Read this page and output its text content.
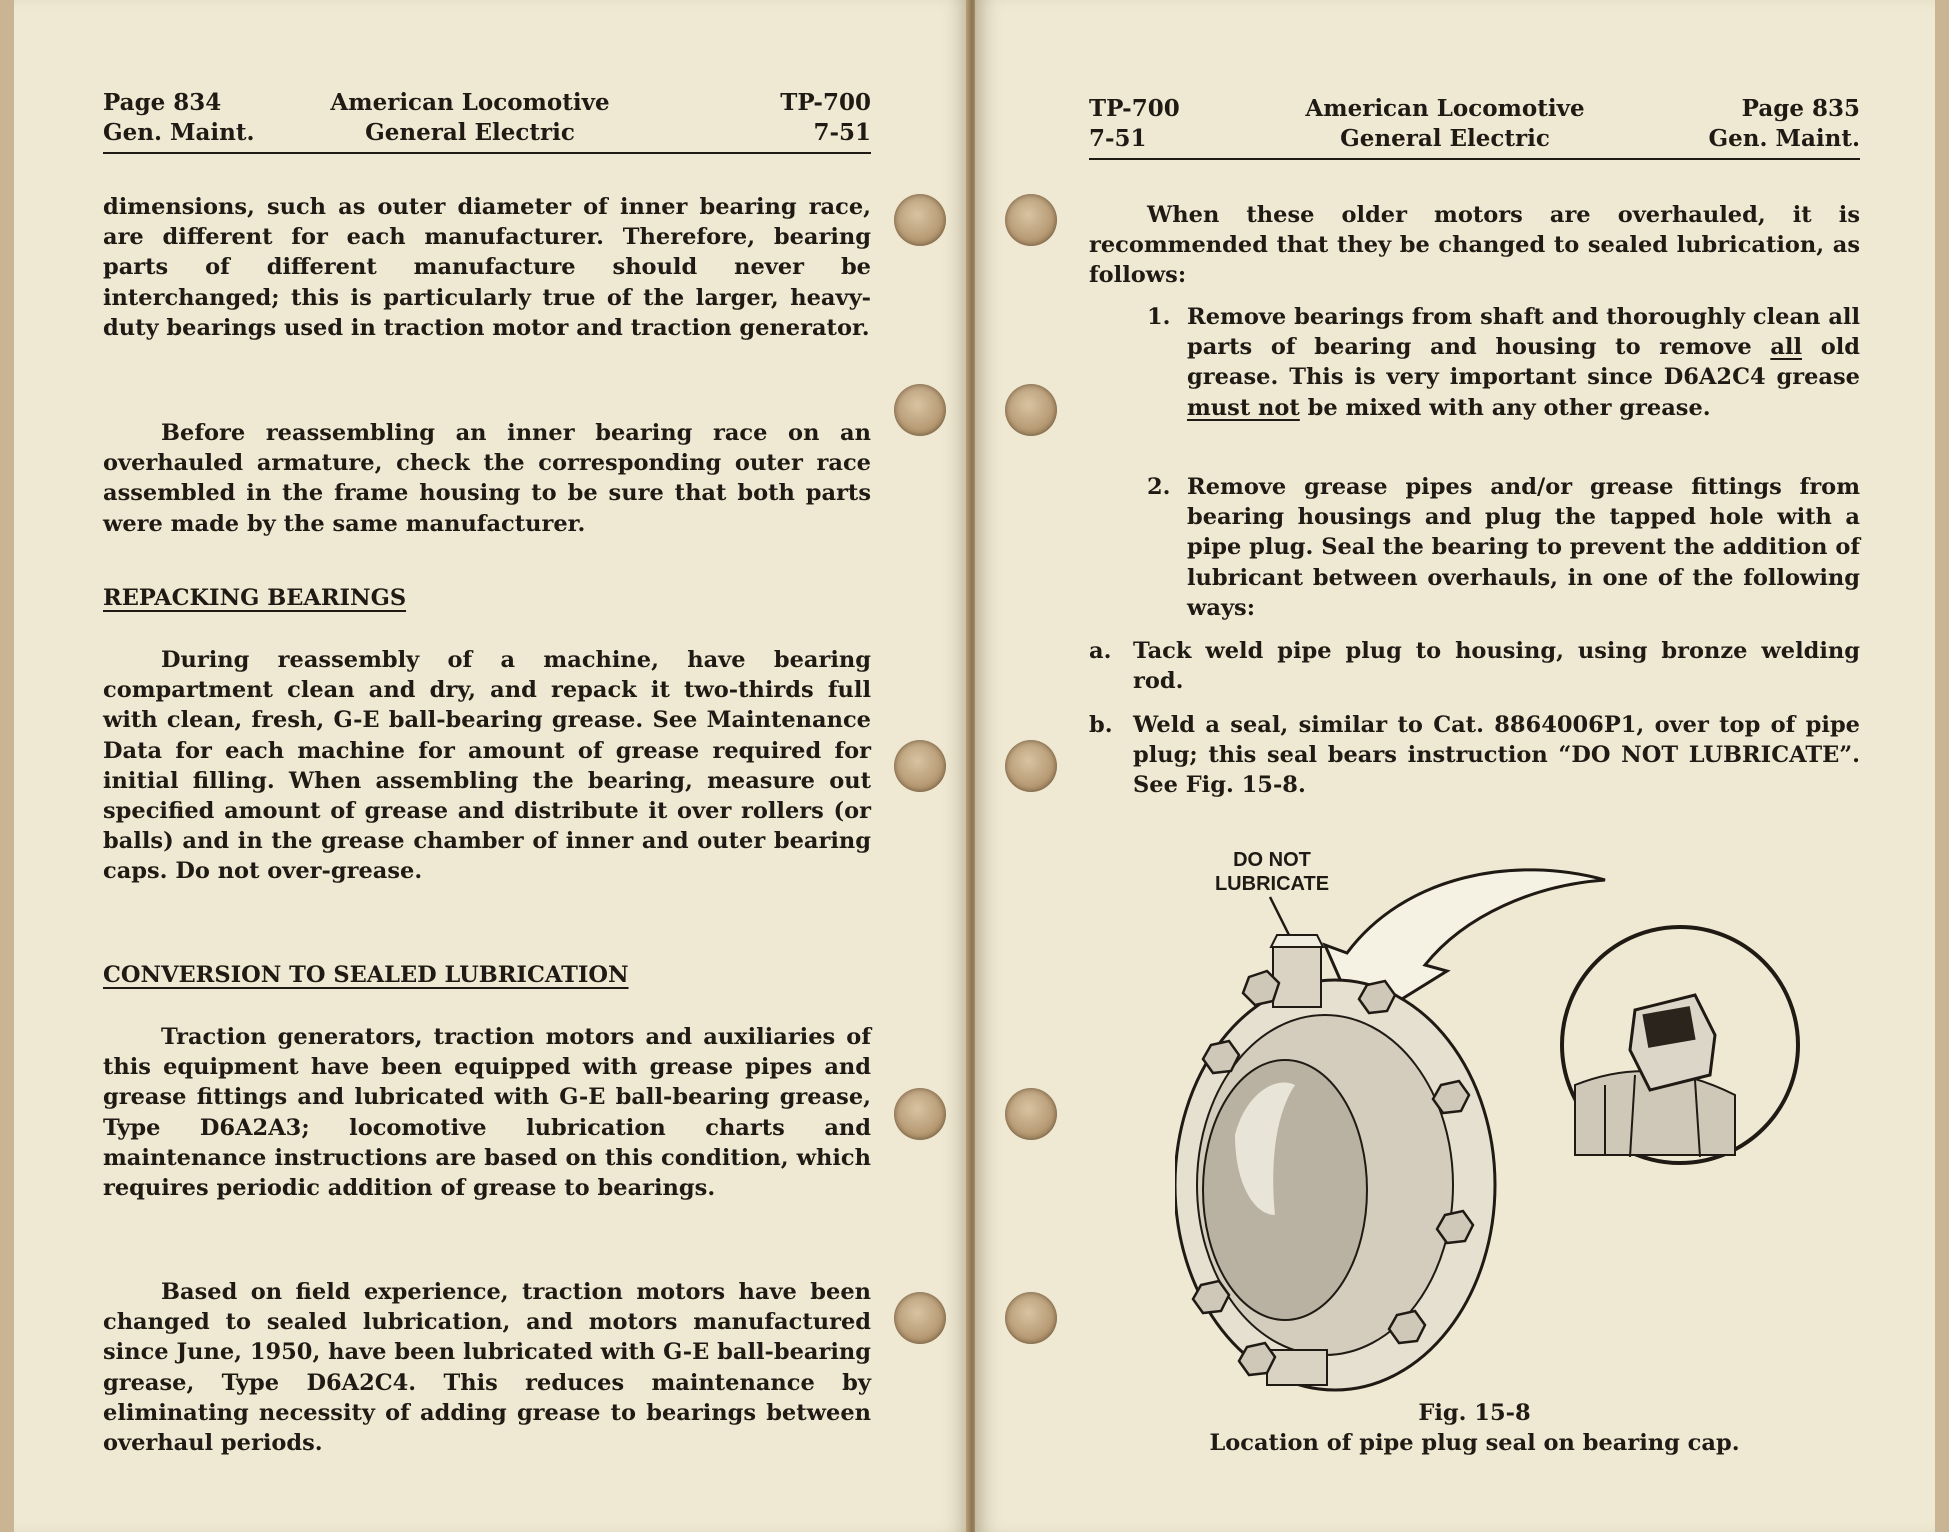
Page 834
Gen. Maint.
American Locomotive
General Electric
TP-700
7-51

dimensions, such as outer diameter of inner bearing race, are different for each manufacturer. Therefore, bearing parts of different manufacture should never be interchanged; this is particularly true of the larger, heavy-duty bearings used in traction motor and traction generator.

Before reassembling an inner bearing race on an overhauled armature, check the corresponding outer race assembled in the frame housing to be sure that both parts were made by the same manufacturer.

REPACKING BEARINGS

During reassembly of a machine, have bearing compartment clean and dry, and repack it two-thirds full with clean, fresh, G-E ball-bearing grease. See Maintenance Data for each machine for amount of grease required for initial filling. When assembling the bearing, measure out specified amount of grease and distribute it over rollers (or balls) and in the grease chamber of inner and outer bearing caps. Do not over-grease.

CONVERSION TO SEALED LUBRICATION

Traction generators, traction motors and auxiliaries of this equipment have been equipped with grease pipes and grease fittings and lubricated with G-E ball-bearing grease, Type D6A2A3; locomotive lubrication charts and maintenance instructions are based on this condition, which requires periodic addition of grease to bearings.

Based on field experience, traction motors have been changed to sealed lubrication, and motors manufactured since June, 1950, have been lubricated with G-E ball-bearing grease, Type D6A2C4. This reduces maintenance by eliminating necessity of adding grease to bearings between overhaul periods.

TP-700
7-51
American Locomotive
General Electric
Page 835
Gen. Maint.

When these older motors are overhauled, it is recommended that they be changed to sealed lubrication, as follows:

1. Remove bearings from shaft and thoroughly clean all parts of bearing and housing to remove all old grease. This is very important since D6A2C4 grease must not be mixed with any other grease.
2. Remove grease pipes and/or grease fittings from bearing housings and plug the tapped hole with a pipe plug. Seal the bearing to prevent the addition of lubricant between overhauls, in one of the following ways:
a. Tack weld pipe plug to housing, using bronze welding rod.
b. Weld a seal, similar to Cat. 8864006P1, over top of pipe plug; this seal bears instruction “DO NOT LUBRICATE”. See Fig. 15-8.
DO NOT
LUBRICATE
Fig. 15-8
Location of pipe plug seal on bearing cap.
